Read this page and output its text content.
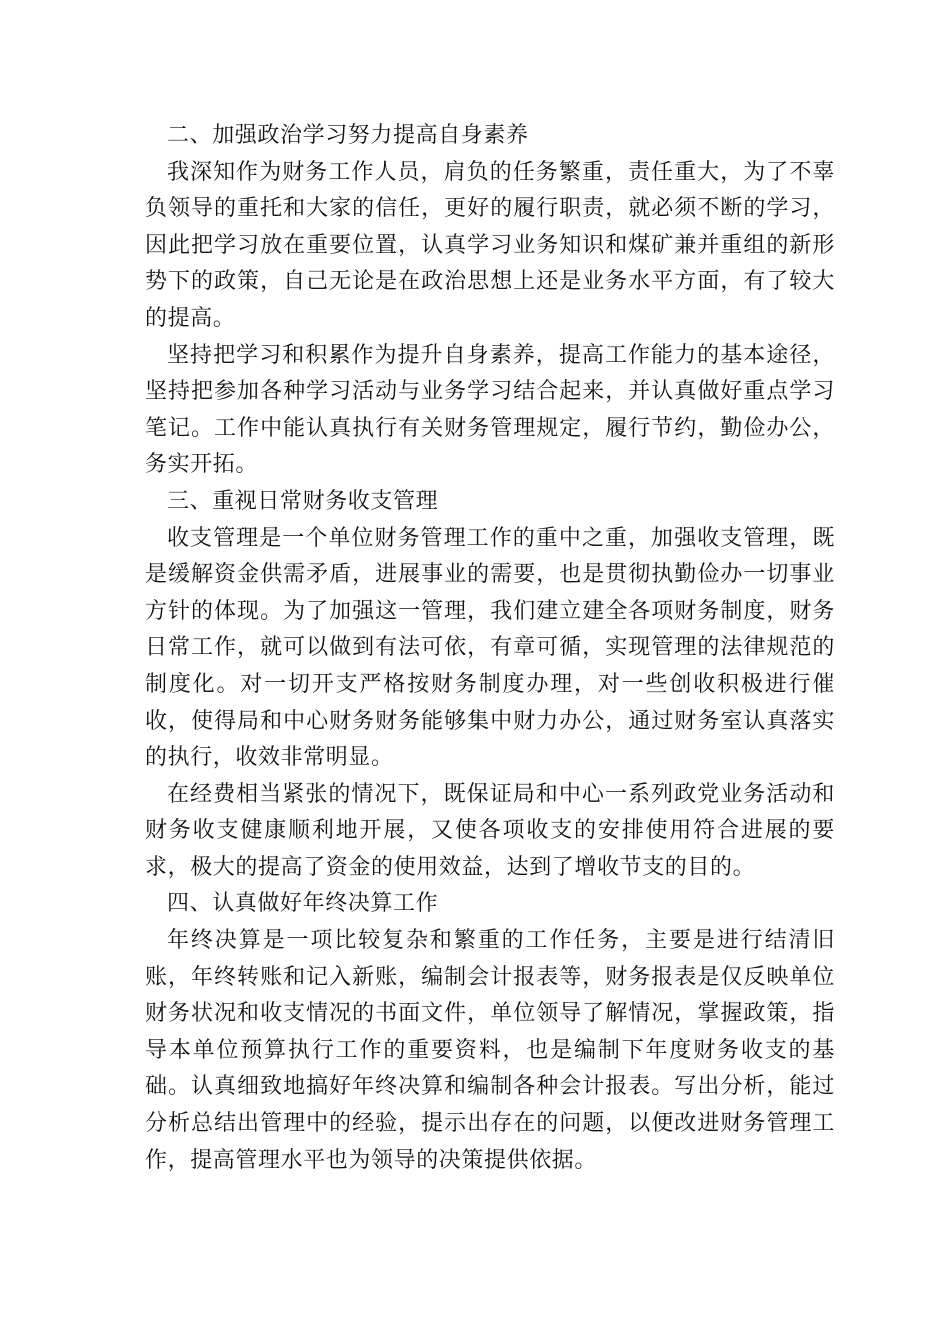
二、加强政治学习努力提高自身素养

我深知作为财务工作人员，肩负的任务繁重，责任重大，为了不辜负领导的重托和大家的信任，更好的履行职责，就必须不断的学习，因此把学习放在重要位置，认真学习业务知识和煤矿兼并重组的新形势下的政策，自己无论是在政治思想上还是业务水平方面，有了较大的提高。

坚持把学习和积累作为提升自身素养，提高工作能力的基本途径，坚持把参加各种学习活动与业务学习结合起来，并认真做好重点学习笔记。工作中能认真执行有关财务管理规定，履行节约，勤俭办公，务实开拓。

三、重视日常财务收支管理

收支管理是一个单位财务管理工作的重中之重，加强收支管理，既是缓解资金供需矛盾，进展事业的需要，也是贯彻执勤俭办一切事业方针的体现。为了加强这一管理，我们建立建全各项财务制度，财务日常工作，就可以做到有法可依，有章可循，实现管理的法律规范的制度化。对一切开支严格按财务制度办理，对一些创收积极进行催收，使得局和中心财务财务能够集中财力办公，通过财务室认真落实的执行，收效非常明显。

在经费相当紧张的情况下，既保证局和中心一系列政党业务活动和财务收支健康顺利地开展，又使各项收支的安排使用符合进展的要求，极大的提高了资金的使用效益，达到了增收节支的目的。

四、认真做好年终决算工作

年终决算是一项比较复杂和繁重的工作任务，主要是进行结清旧账，年终转账和记入新账，编制会计报表等，财务报表是仅反映单位财务状况和收支情况的书面文件，单位领导了解情况，掌握政策，指导本单位预算执行工作的重要资料，也是编制下年度财务收支的基础。认真细致地搞好年终决算和编制各种会计报表。写出分析，能过分析总结出管理中的经验，提示出存在的问题，以便改进财务管理工作，提高管理水平也为领导的决策提供依据。
